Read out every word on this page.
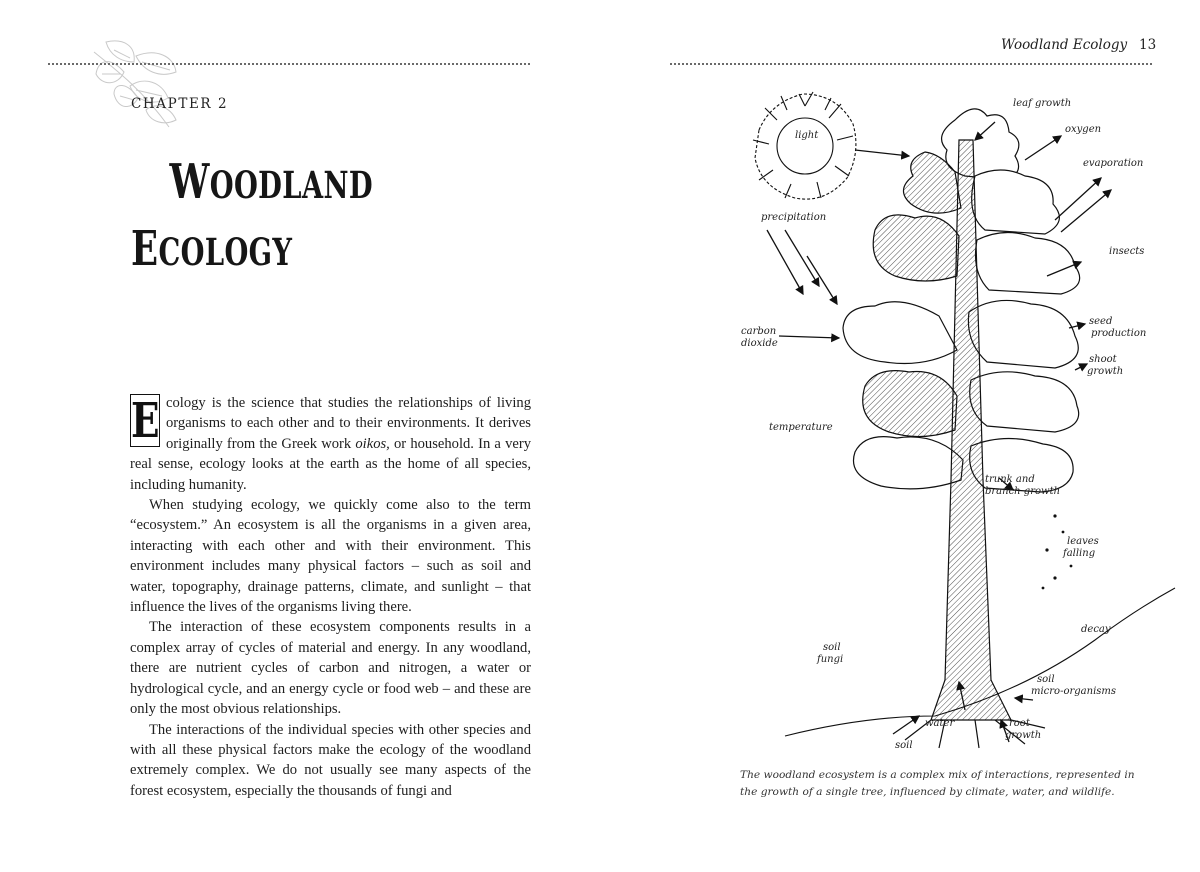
CHAPTER 2
WOODLAND
ECOLOGY

E cology is the science that studies the relationships of living organisms to each other and to their environments. It derives originally from the Greek work oikos, or household. In a very real sense, ecology looks at the earth as the home of all species, including humanity.

When studying ecology, we quickly come also to the term “ecosystem.” An ecosystem is all the organisms in a given area, interacting with each other and with their environment. This environment includes many physical factors – such as soil and water, topography, drainage patterns, climate, and sunlight – that influence the lives of the organisms living there.

The interaction of these ecosystem components results in a complex array of cycles of material and energy. In any woodland, there are nutrient cycles of carbon and nitrogen, a water or hydrological cycle, and an energy cycle or food web – and these are only the most obvious relationships.

The interactions of the individual species with other species and with all these physical factors make the ecology of the woodland extremely complex. We do not usually see many aspects of the forest ecosystem, especially the thousands of fungi and

Woodland Ecology 13
light
leaf growth
oxygen
evaporation
precipitation
insects
seed
production
carbon
dioxide
shoot
growth
temperature
trunk and
branch growth
leaves
falling
decay
soil
fungi
soil
micro-organisms
water	root
growth
soil
The woodland ecosystem is a complex mix of interactions, represented in the growth of a single tree, influenced by climate, water, and wildlife.
